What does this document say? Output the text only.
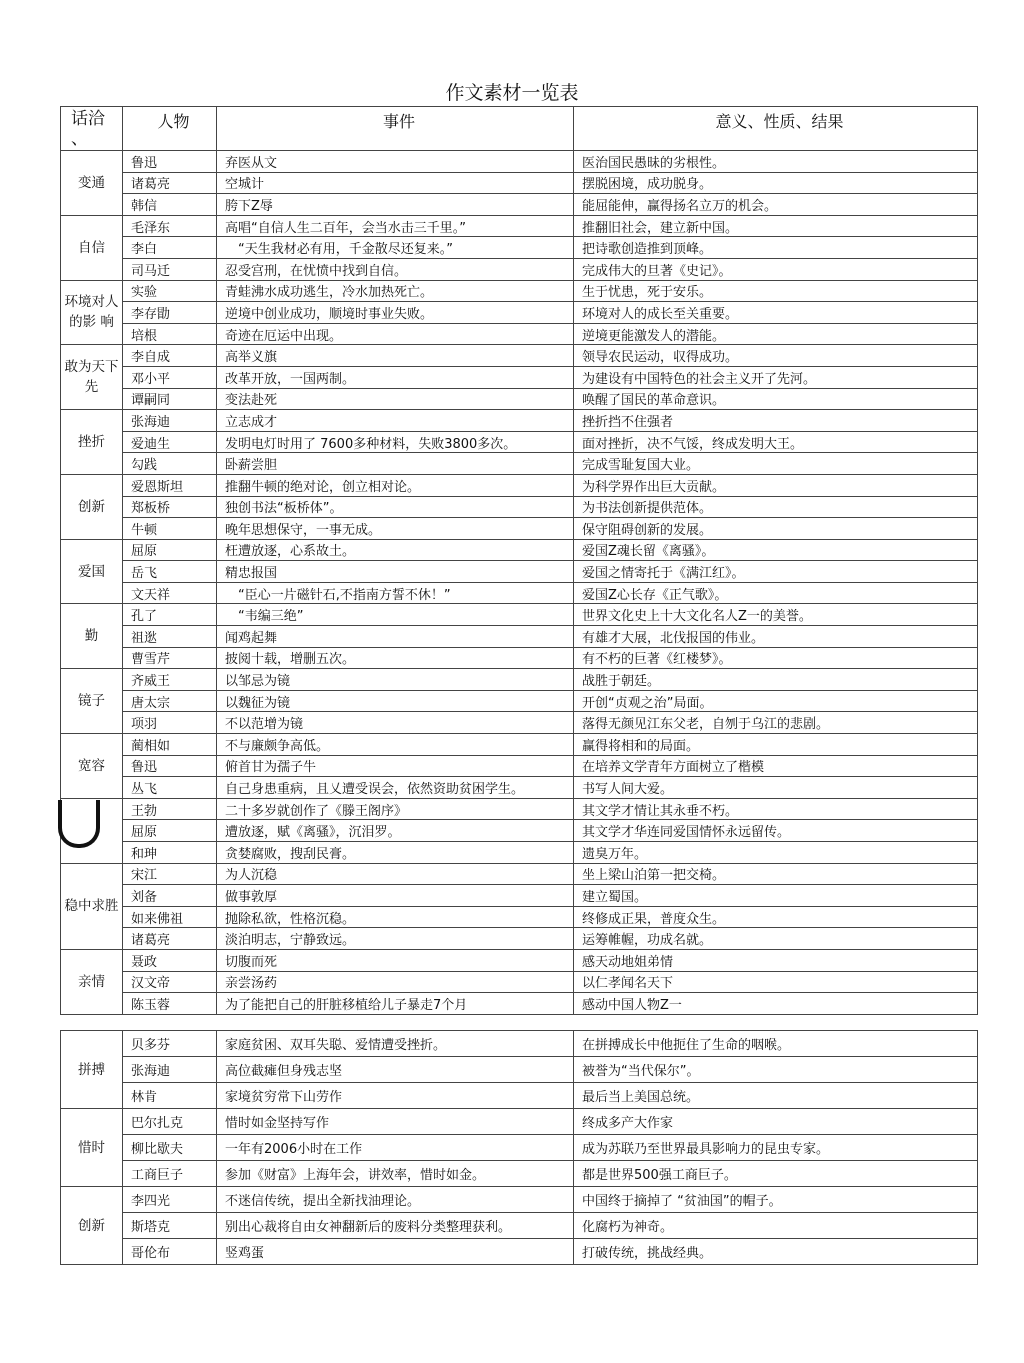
作文素材一览表
话洽
、	人物	事件	意义、性质、结果
变通	鲁迅	弃医从文	医治国民愚昧的劣根性。
	诸葛亮	空城计	摆脱困境，成功脱身。
	韩信	胯下Z辱	能屈能伸，赢得扬名立万的机会。
自信	毛泽东	高唱“自信人生二百年，会当水击三千里。”	推翻旧社会，建立新中国。
	李白	　“天生我材必有用，千金散尽还复来。”	把诗歌创造推到顶峰。
	司马迁	忍受宫刑，在忧愤中找到自信。	完成伟大的旦著《史记》。
环境对人的影 响	实验	青蛙沸水成功逃生，冷水加热死亡。	生于忧患，死于安乐。
	李存勖	逆境中创业成功，顺境时事业失败。	环境对人的成长至关重要。
	培根	奇迹在厄运中出现。	逆境更能激发人的潜能。
敢为天下 先	李自成	高举义旗	领导农民运动，収得成功。
	邓小平	改革开放，一国两制。	为建设有中国特色的社会主义开了先河。
	谭嗣同	变法赴死	唤醒了国民的革命意识。
挫折	张海迪	立志成才	挫折挡不住强者
	爱迪生	发明电灯时用了 7600多种材料，失败3800多次。	面对挫折，决不气馁，终成发明大王。
	勾践	卧薪尝胆	完成雪耻复国大业。
创新	爱恩斯坦	推翻牛顿的绝对论，创立相对论。	为科学界作出巨大贡献。
	郑板桥	独创书法“板桥体”。	为书法创新提供范体。
	牛顿	晚年思想保守，一事无成。	保守阻碍创新的发展。
爱国	屈原	枉遭放逐，心系故土。	爱国Z魂长留《离骚》。
	岳飞	精忠报国	爱国之情寄托于《满江红》。
	文天祥	　“臣心一片磁针石,不指南方誓不休！”	爱国Z心长存《正气歌》。
勤	孔了	　“韦编三绝”	世界文化史上十大文化名人Z一的美誉。
	祖逖	闻鸡起舞	有雄才大展，北伐报国的伟业。
	曹雪芹	披阅十载，增删五次。	有不朽的巨著《红楼梦》。
镜子	齐威王	以邹忌为镜	战胜于朝廷。
	唐太宗	以魏征为镜	开创“贞观之治”局面。
	项羽	不以范增为镜	落得无颜见江东父老，自刎于乌江的悲剧。
宽容	蔺相如	不与廉颇争高低。	赢得将相和的局面。
	鲁迅	俯首甘为孺子牛	在培养文学青年方面树立了楷模
	丛飞	自己身患重病，且乂遭受误会，依然资助贫困学生。	书写人间大爱。
	王勃	二十多岁就创作了《滕王阁序》	其文学才情让其永垂不朽。
	屈原	遭放逐，赋《离骚》，沉泪罗。	其文学才华连同爱国情怀永远留传。
	和珅	贪婪腐败，搜刮民膏。	遗臭万年。
稳中求胜	宋江	为人沉稳	坐上梁山泊第一把交椅。
	刘备	做事敦厚	建立蜀国。
	如来佛祖	抛除私欲，性格沉稳。	终修成正果，普度众生。
	诸葛亮	淡泊明志，宁静致远。	运筹帷幄，功成名就。
亲情	聂政	切腹而死	感天动地姐弟情
	汉文帝	亲尝汤药	以仁孝闻名天下
	陈玉蓉	为了能把自己的肝脏移植给儿子暴走7个月	感动中国人物Z一
拼搏	贝多芬	家庭贫困、双耳失聪、爱情遭受挫折。	在拼搏成长中他扼住了生命的咽喉。
	张海迪	高位截瘫但身残志坚	被誉为“当代保尔”。
	林肯	家境贫穷常下山劳作	最后当上美国总统。
惜时	巴尔扎克	惜时如金坚持写作	终成多产大作家
	柳比歇夫	一年有2006小时在工作	成为苏联乃至世界最具影响力的昆虫专家。
	工商巨子	参加《财富》上海年会，讲效率，惜时如金。	都是世界500强工商巨子。
创新	李四光	不迷信传统，提出全新找油理论。	中国终于摘掉了 “贫油国”的帽子。
	斯塔克	别出心裁将自由女神翻新后的废料分类整理获利。	化腐朽为神奇。
	哥伦布	竖鸡蛋	打破传统，挑战经典。
